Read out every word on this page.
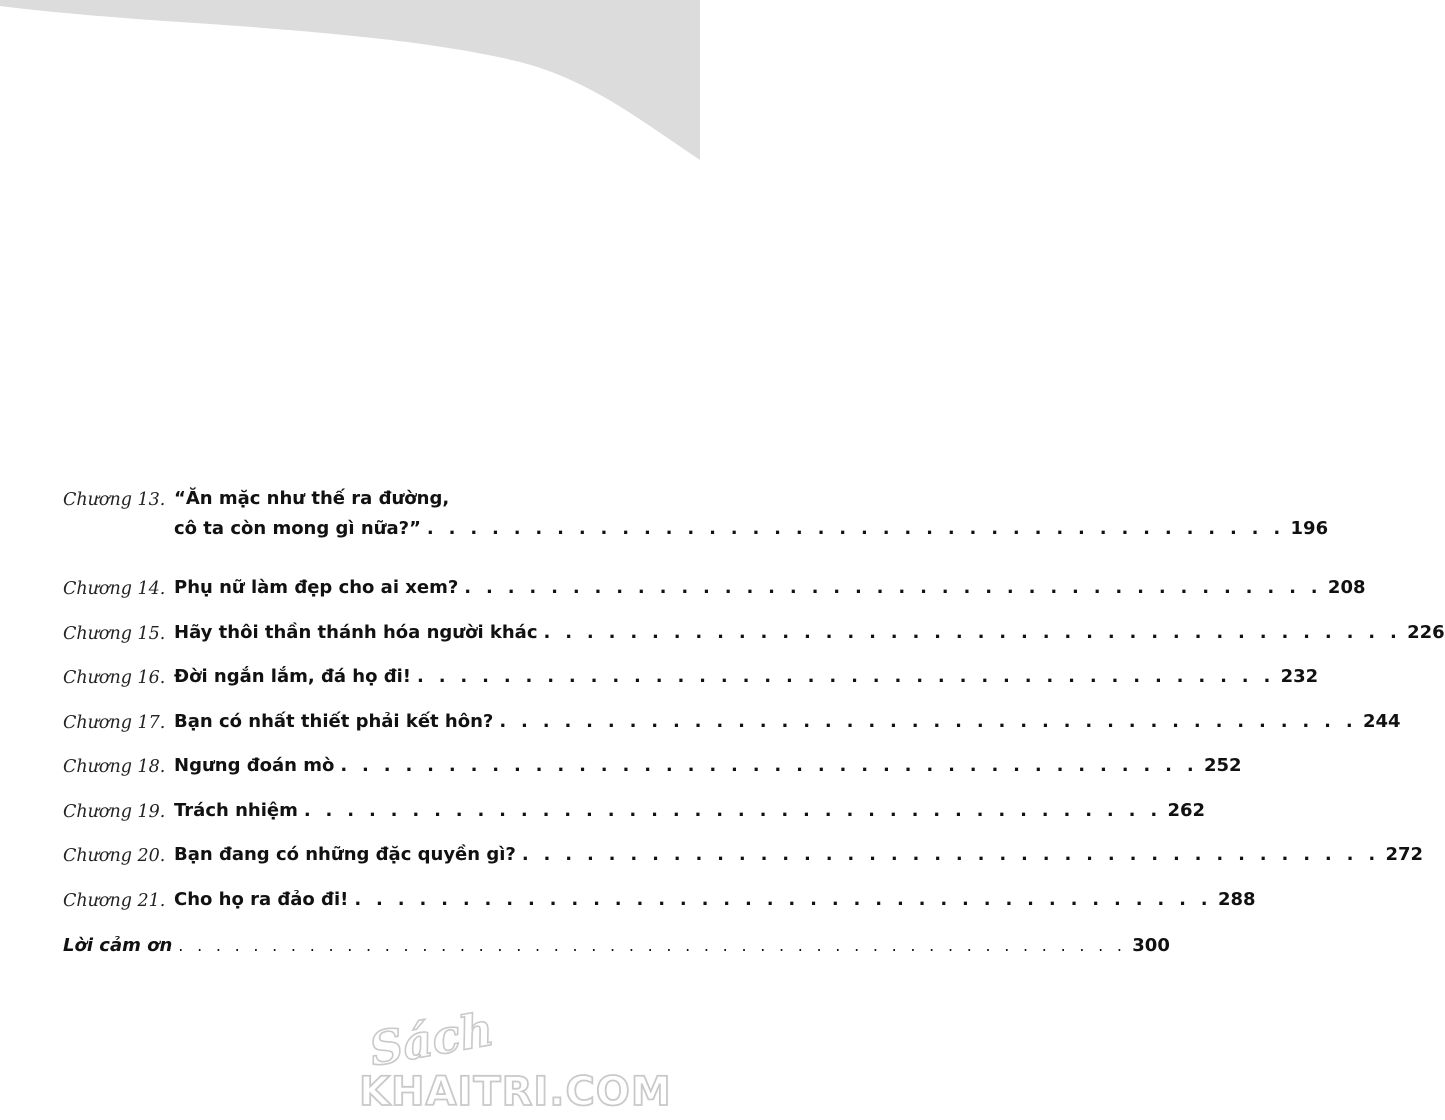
Chương 13. “Ăn mặc như thế ra đường,
cô ta còn mong gì nữa?” . . . . . . . . . . . . . . . . . . . . . . . . . . . . . . . . . . . . . . . . 196
Chương 14. Phụ nữ làm đẹp cho ai xem? . . . . . . . . . . . . . . . . . . . . . . . . . . . . . . . . . . . . . . . . 208
Chương 15. Hãy thôi thần thánh hóa người khác . . . . . . . . . . . . . . . . . . . . . . . . . . . . . . . . . . . . . . . . 226
Chương 16. Đời ngắn lắm, đá họ đi! . . . . . . . . . . . . . . . . . . . . . . . . . . . . . . . . . . . . . . . . 232
Chương 17. Bạn có nhất thiết phải kết hôn? . . . . . . . . . . . . . . . . . . . . . . . . . . . . . . . . . . . . . . . . 244
Chương 18. Ngưng đoán mò . . . . . . . . . . . . . . . . . . . . . . . . . . . . . . . . . . . . . . . . 252
Chương 19. Trách nhiệm . . . . . . . . . . . . . . . . . . . . . . . . . . . . . . . . . . . . . . . . 262
Chương 20. Bạn đang có những đặc quyền gì? . . . . . . . . . . . . . . . . . . . . . . . . . . . . . . . . . . . . . . . . 272
Chương 21. Cho họ ra đảo đi! . . . . . . . . . . . . . . . . . . . . . . . . . . . . . . . . . . . . . . . . 288
Lời cảm ơn . . . . . . . . . . . . . . . . . . . . . . . . . . . . . . . . . . . . . . . . . . . . . . . . . . . 300
Sách
KHAITRI.COM
